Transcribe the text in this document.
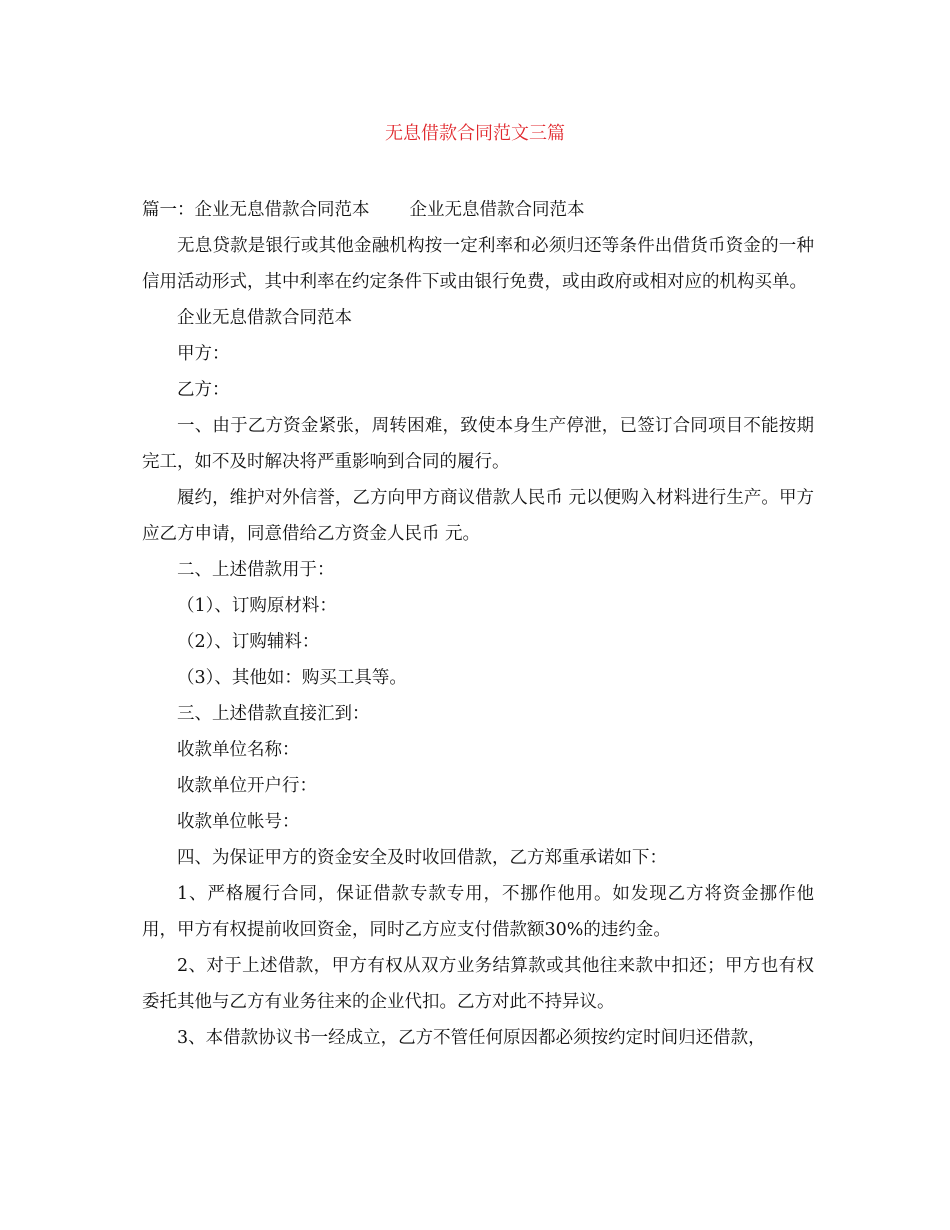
无息借款合同范文三篇

篇一：企业无息借款合同范本 企业无息借款合同范本

无息贷款是银行或其他金融机构按一定利率和必须归还等条件出借货币资金的一种信用活动形式，其中利率在约定条件下或由银行免费，或由政府或相对应的机构买单。

企业无息借款合同范本

甲方：

乙方：

一、由于乙方资金紧张，周转困难，致使本身生产停泄，已签订合同项目不能按期完工，如不及时解决将严重影响到合同的履行。

履约，维护对外信誉，乙方向甲方商议借款人民币 元以便购入材料进行生产。甲方应乙方申请，同意借给乙方资金人民币 元。

二、上述借款用于：

（1）、订购原材料：

（2）、订购辅料：

（3）、其他如：购买工具等。

三、上述借款直接汇到：

收款单位名称：

收款单位开户行：

收款单位帐号：

四、为保证甲方的资金安全及时收回借款，乙方郑重承诺如下：

1、严格履行合同，保证借款专款专用，不挪作他用。如发现乙方将资金挪作他用，甲方有权提前收回资金，同时乙方应支付借款额30%的违约金。

2、对于上述借款，甲方有权从双方业务结算款或其他往来款中扣还；甲方也有权委托其他与乙方有业务往来的企业代扣。乙方对此不持异议。

3、本借款协议书一经成立，乙方不管任何原因都必须按约定时间归还借款，
